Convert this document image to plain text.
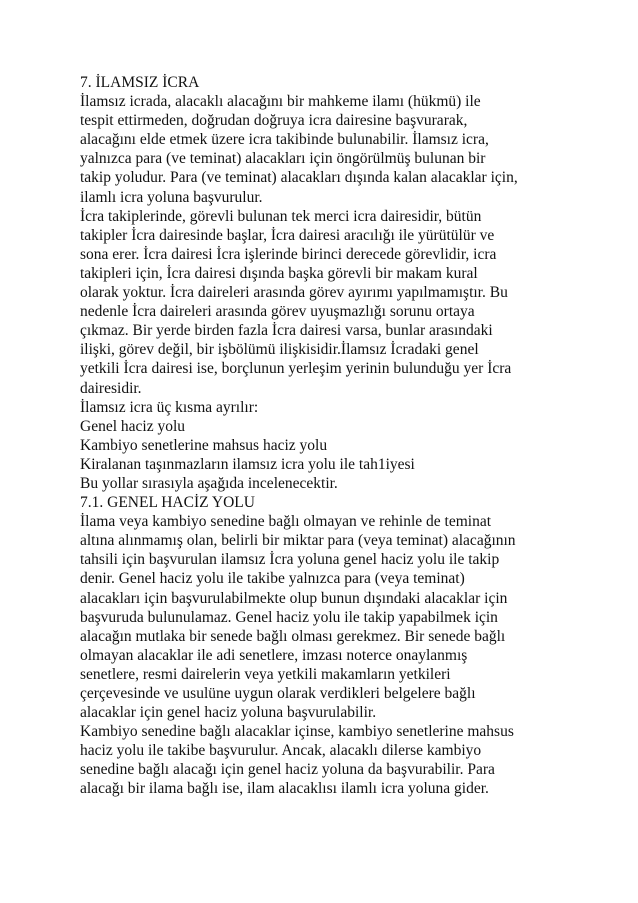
7. İLAMSIZ İCRA
İlamsız icrada, alacaklı alacağını bir mahkeme ilamı (hükmü) ile
tespit ettirmeden, doğrudan doğruya icra dairesine başvurarak,
alacağını elde etmek üzere icra takibinde bulunabilir. İlamsız icra,
yalnızca para (ve teminat) alacakları için öngörülmüş bulunan bir
takip yoludur. Para (ve teminat) alacakları dışında kalan alacaklar için,
ilamlı icra yoluna başvurulur.
İcra takiplerinde, görevli bulunan tek merci icra dairesidir, bütün
takipler İcra dairesinde başlar, İcra dairesi aracılığı ile yürütülür ve
sona erer. İcra dairesi İcra işlerinde birinci derecede görevlidir, icra
takipleri için, İcra dairesi dışında başka görevli bir makam kural
olarak yoktur. İcra daireleri arasında görev ayırımı yapılmamıştır. Bu
nedenle İcra daireleri arasında görev uyuşmazlığı sorunu ortaya
çıkmaz. Bir yerde birden fazla İcra dairesi varsa, bunlar arasındaki
ilişki, görev değil, bir işbölümü ilişkisidir.İlamsız İcradaki genel
yetkili İcra dairesi ise, borçlunun yerleşim yerinin bulunduğu yer İcra
dairesidir.
İlamsız icra üç kısma ayrılır:
Genel haciz yolu
Kambiyo senetlerine mahsus haciz yolu
Kiralanan taşınmazların ilamsız icra yolu ile tah1iyesi
Bu yollar sırasıyla aşağıda incelenecektir.
7.1. GENEL HACİZ YOLU
İlama veya kambiyo senedine bağlı olmayan ve rehinle de teminat
altına alınmamış olan, belirli bir miktar para (veya teminat) alacağının
tahsili için başvurulan ilamsız İcra yoluna genel haciz yolu ile takip
denir. Genel haciz yolu ile takibe yalnızca para (veya teminat)
alacakları için başvurulabilmekte olup bunun dışındaki alacaklar için
başvuruda bulunulamaz. Genel haciz yolu ile takip yapabilmek için
alacağın mutlaka bir senede bağlı olması gerekmez. Bir senede bağlı
olmayan alacaklar ile adi senetlere, imzası noterce onaylanmış
senetlere, resmi dairelerin veya yetkili makamların yetkileri
çerçevesinde ve usulüne uygun olarak verdikleri belgelere bağlı
alacaklar için genel haciz yoluna başvurulabilir.
Kambiyo senedine bağlı alacaklar içinse, kambiyo senetlerine mahsus
haciz yolu ile takibe başvurulur. Ancak, alacaklı dilerse kambiyo
senedine bağlı alacağı için genel haciz yoluna da başvurabilir. Para
alacağı bir ilama bağlı ise, ilam alacaklısı ilamlı icra yoluna gider.
